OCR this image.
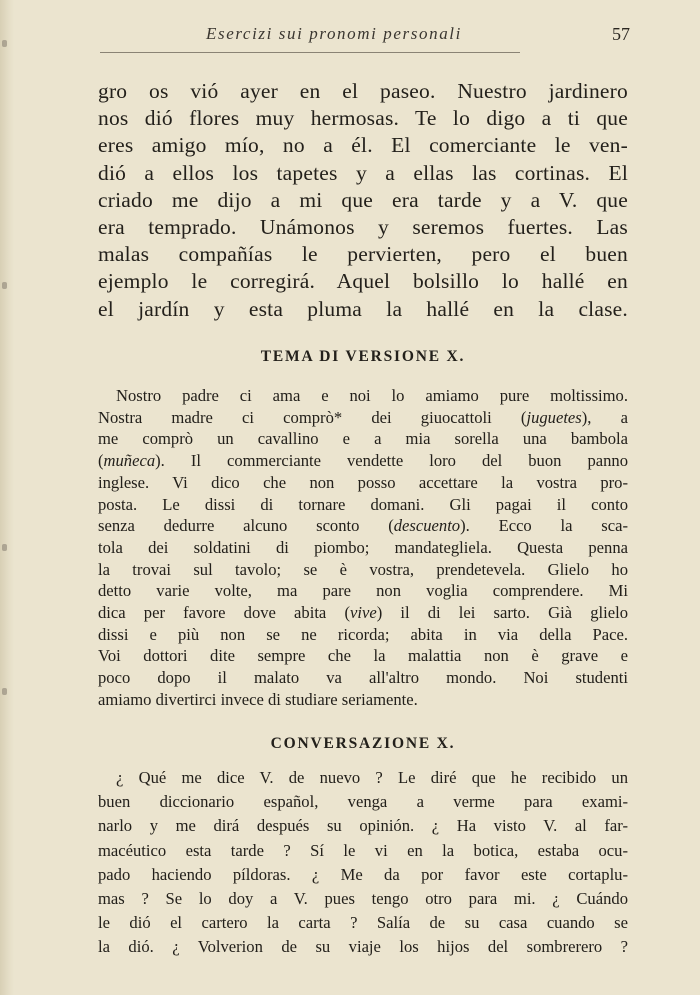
Esercizi sui pronomi personali	57
gro os vió ayer en el paseo. Nuestro jardinero
nos dió flores muy hermosas. Te lo digo a ti que
eres amigo mío, no a él. El comerciante le ven-
dió a ellos los tapetes y a ellas las cortinas. El
criado me dijo a mi que era tarde y a V. que
era temprado. Unámonos y seremos fuertes. Las
malas compañías le pervierten, pero el buen
ejemplo le corregirá. Aquel bolsillo lo hallé en
el jardín y esta pluma la hallé en la clase.
TEMA DI VERSIONE X.
Nostro padre ci ama e noi lo amiamo pure moltissimo.
Nostra madre ci comprò* dei giuocattoli (juguetes), a
me comprò un cavallino e a mia sorella una bambola
(muñeca). Il commerciante vendette loro del buon panno
inglese. Vi dico che non posso accettare la vostra pro-
posta. Le dissi di tornare domani. Gli pagai il conto
senza dedurre alcuno sconto (descuento). Ecco la sca-
tola dei soldatini di piombo; mandategliela. Questa penna
la trovai sul tavolo; se è vostra, prendetevela. Glielo ho
detto varie volte, ma pare non voglia comprendere. Mi
dica per favore dove abita (vive) il di lei sarto. Già glielo
dissi e più non se ne ricorda; abita in via della Pace.
Voi dottori dite sempre che la malattia non è grave e
poco dopo il malato va all'altro mondo. Noi studenti
amiamo divertirci invece di studiare seriamente.
CONVERSAZIONE X.
¿ Qué me dice V. de nuevo ? Le diré que he recibido un
buen diccionario español, venga a verme para exami-
narlo y me dirá después su opinión. ¿ Ha visto V. al far-
macéutico esta tarde ? Sí le vi en la botica, estaba ocu-
pado haciendo píldoras. ¿ Me da por favor este cortaplu-
mas ? Se lo doy a V. pues tengo otro para mi. ¿ Cuándo
le dió el cartero la carta ? Salía de su casa cuando se
la dió. ¿ Volverion de su viaje los hijos del sombrerero ?
